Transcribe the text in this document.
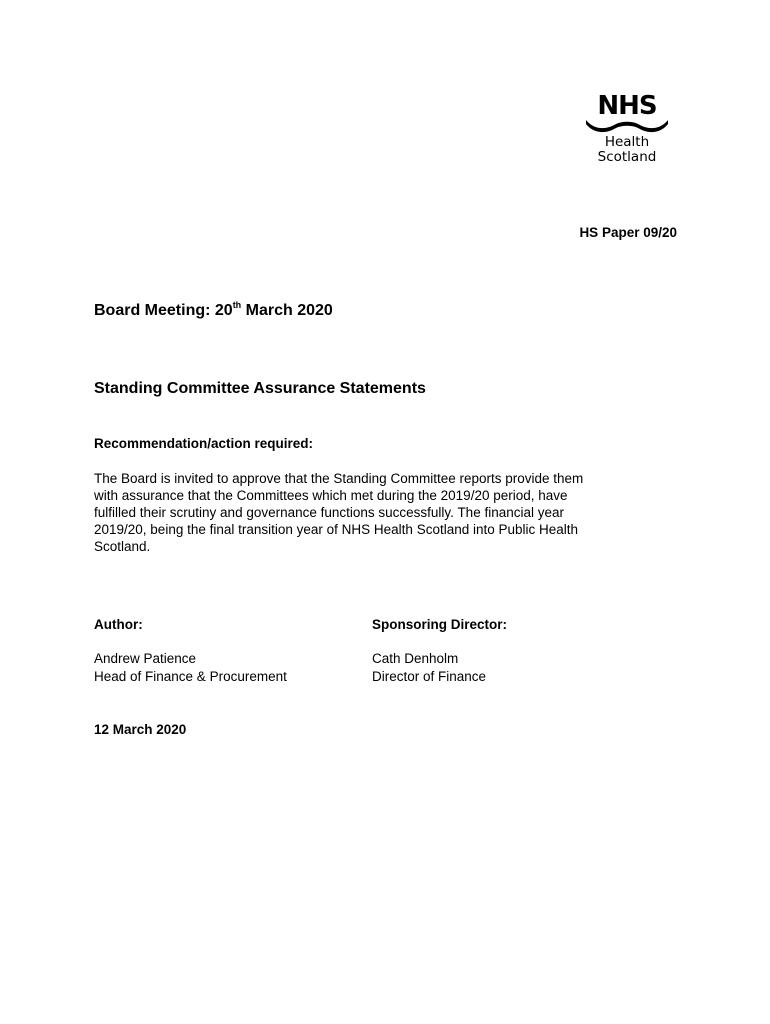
NHS
Health
Scotland
HS Paper 09/20
Board Meeting: 20th March 2020
Standing Committee Assurance Statements
Recommendation/action required:

The Board is invited to approve that the Standing Committee reports provide them
with assurance that the Committees which met during the 2019/20 period, have
fulfilled their scrutiny and governance functions successfully. The financial year
2019/20, being the final transition year of NHS Health Scotland into Public Health
Scotland.

Author:
Andrew Patience
Head of Finance & Procurement
Sponsoring Director:
Cath Denholm
Director of Finance
12 March 2020
